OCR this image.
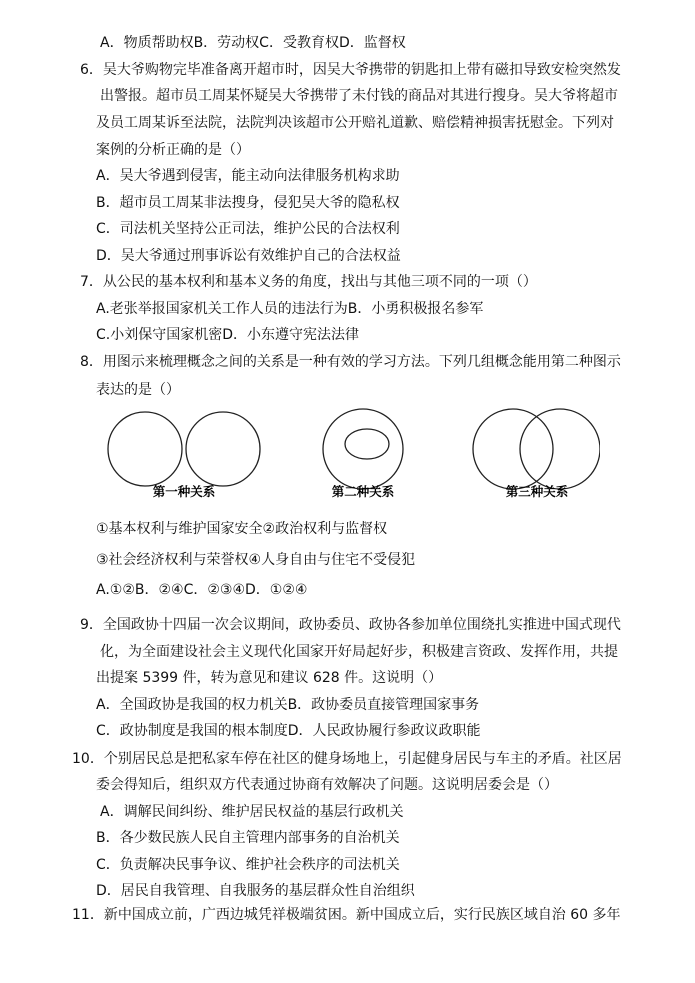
A．物质帮助权B．劳动权C．受教育权D．监督权
6．吴大爷购物完毕准备离开超市时，因吴大爷携带的钥匙扣上带有磁扣导致安检突然发
出警报。超市员工周某怀疑吴大爷携带了未付钱的商品对其进行搜身。吴大爷将超市
及员工周某诉至法院，法院判决该超市公开赔礼道歉、赔偿精神损害抚慰金。下列对
案例的分析正确的是（）
A．吴大爷遇到侵害，能主动向法律服务机构求助
B．超市员工周某非法搜身，侵犯吴大爷的隐私权
C．司法机关坚持公正司法，维护公民的合法权利
D．吴大爷通过刑事诉讼有效维护自己的合法权益
7．从公民的基本权利和基本义务的角度，找出与其他三项不同的一项（）
A.老张举报国家机关工作人员的违法行为B．小勇积极报名参军
C.小刘保守国家机密D．小东遵守宪法法律
8．用图示来梳理概念之间的关系是一种有效的学习方法。下列几组概念能用第二种图示
表达的是（）
第一种关系	第二种关系	第三种关系
①基本权利与维护国家安全②政治权利与监督权
③社会经济权利与荣誉权④人身自由与住宅不受侵犯
A.①②B．②④C．②③④D．①②④
9．全国政协十四届一次会议期间，政协委员、政协各参加单位围绕扎实推进中国式现代
化，为全面建设社会主义现代化国家开好局起好步，积极建言资政、发挥作用，共提
出提案 5399 件，转为意见和建议 628 件。这说明（）
A．全国政协是我国的权力机关B．政协委员直接管理国家事务
C．政协制度是我国的根本制度D．人民政协履行参政议政职能
10．个别居民总是把私家车停在社区的健身场地上，引起健身居民与车主的矛盾。社区居
委会得知后，组织双方代表通过协商有效解决了问题。这说明居委会是（）
A．调解民间纠纷、维护居民权益的基层行政机关
B．各少数民族人民自主管理内部事务的自治机关
C．负责解决民事争议、维护社会秩序的司法机关
D．居民自我管理、自我服务的基层群众性自治组织
11．新中国成立前，广西边城凭祥极端贫困。新中国成立后，实行民族区域自治 60 多年
